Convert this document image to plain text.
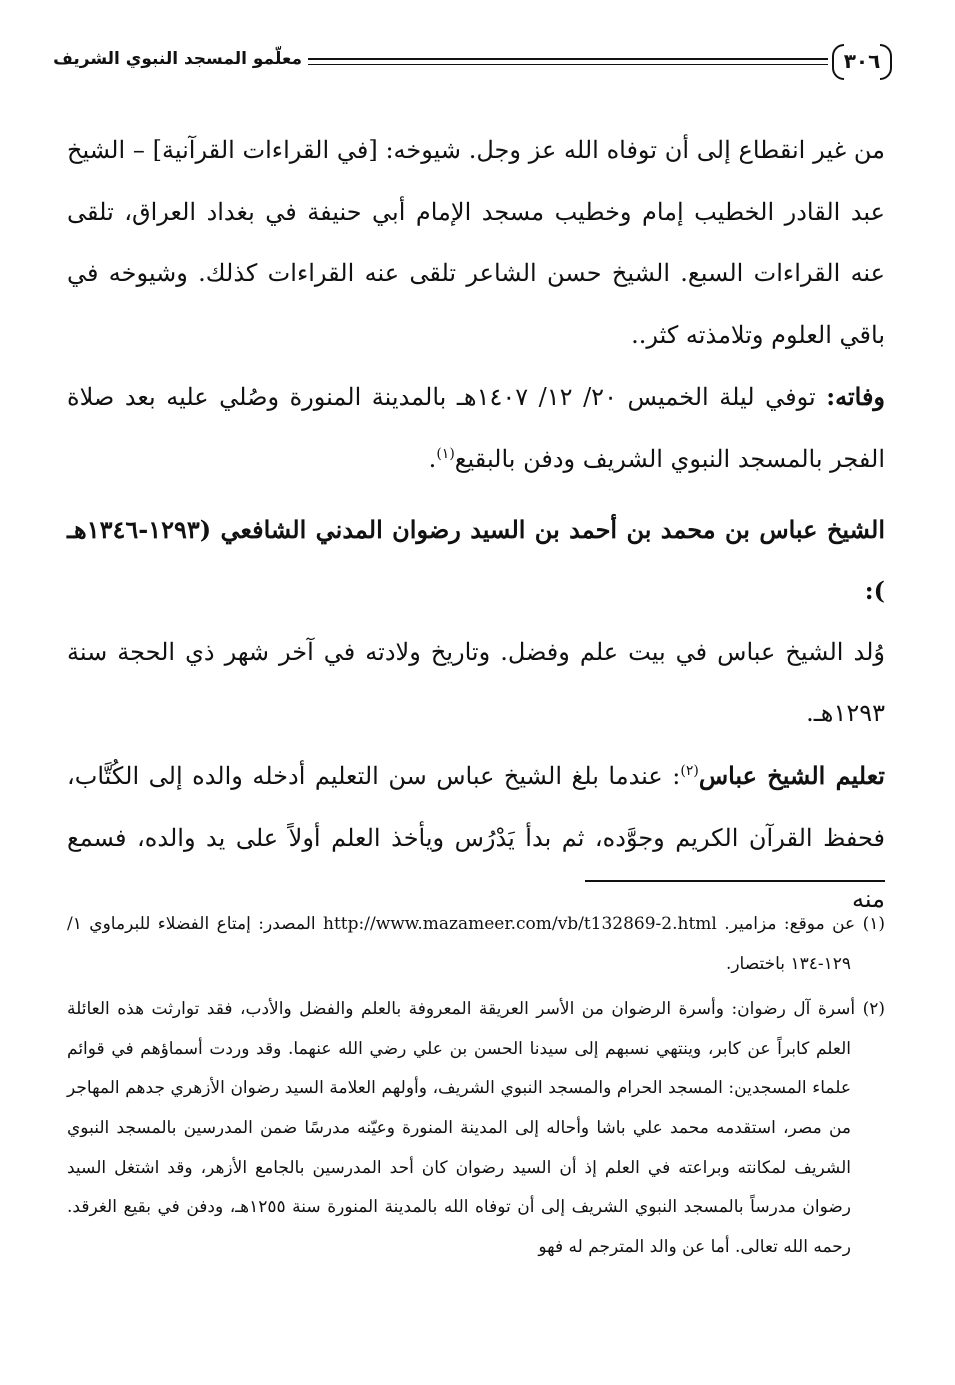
٣٠٦
معلّمو المسجد النبوي الشريف

من غير انقطاع إلى أن توفاه الله عز وجل. شيوخه: [في القراءات القرآنية] – الشيخ عبد القادر الخطيب إمام وخطيب مسجد الإمام أبي حنيفة في بغداد العراق، تلقى عنه القراءات السبع. الشيخ حسن الشاعر تلقى عنه القراءات كذلك. وشيوخه في باقي العلوم وتلامذته كثر..

وفاته: توفي ليلة الخميس ٢٠/ ١٢/ ١٤٠٧هـ بالمدينة المنورة وصُلي عليه بعد صلاة الفجر بالمسجد النبوي الشريف ودفن بالبقيع$^{(١)}$.

الشيخ عباس بن محمد بن أحمد بن السيد رضوان المدني الشافعي (١٢٩٣-١٣٤٦هـ ):

وُلد الشيخ عباس في بيت علم وفضل. وتاريخ ولادته في آخر شهر ذي الحجة سنة ١٢٩٣هـ.

تعليم الشيخ عباس$^{(٢)}$: عندما بلغ الشيخ عباس سن التعليم أدخله والده إلى الكُتَّاب، فحفظ القرآن الكريم وجوَّده، ثم بدأ يَدْرُس ويأخذ العلم أولاً على يد والده، فسمع منه

(١) عن موقع: مزامير. http://www.mazameer.com/vb/t132869-2.html المصدر: إمتاع الفضلاء للبرماوي ١/ ١٢٩-١٣٤ باختصار.

(٢) أسرة آل رضوان: وأسرة الرضوان من الأسر العريقة المعروفة بالعلم والفضل والأدب، فقد توارثت هذه العائلة العلم كابراً عن كابر، وينتهي نسبهم إلى سيدنا الحسن بن علي رضي الله عنهما. وقد وردت أسماؤهم في قوائم علماء المسجدين: المسجد الحرام والمسجد النبوي الشريف، وأولهم العلامة السيد رضوان الأزهري جدهم المهاجر من مصر، استقدمه محمد علي باشا وأحاله إلى المدينة المنورة وعيّنه مدرسًا ضمن المدرسين بالمسجد النبوي الشريف لمكانته وبراعته في العلم إذ أن السيد رضوان كان أحد المدرسين بالجامع الأزهر، وقد اشتغل السيد رضوان مدرساً بالمسجد النبوي الشريف إلى أن توفاه الله بالمدينة المنورة سنة ١٢٥٥هـ، ودفن في بقيع الغرقد. رحمه الله تعالى. أما عن والد المترجم له فهو
